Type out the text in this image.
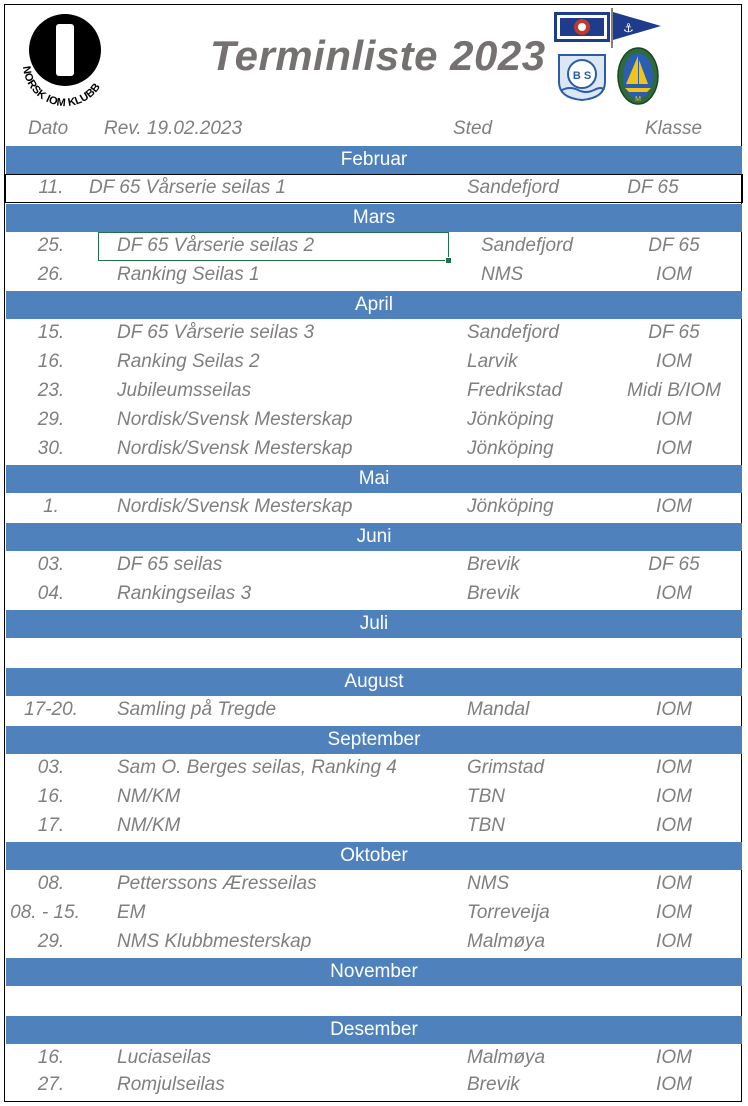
NORSK IOM KLUBB
Terminliste 2023
⚓
B S
M
Dato Rev. 19.02.2023	Sted	Klasse
Februar
11.	DF 65 Vårserie seilas 1	Sandefjord	DF 65
Mars
25.	DF 65 Vårserie seilas 2	Sandefjord	DF 65
26.	Ranking Seilas 1	NMS	IOM
April
15.	DF 65 Vårserie seilas 3	Sandefjord	DF 65
16.	Ranking Seilas 2	Larvik	IOM
23.	Jubileumsseilas	Fredrikstad	Midi B/IOM
29.	Nordisk/Svensk Mesterskap	Jönköping	IOM
30.	Nordisk/Svensk Mesterskap	Jönköping	IOM
Mai
1.	Nordisk/Svensk Mesterskap	Jönköping	IOM
Juni
03.	DF 65 seilas	Brevik	DF 65
04.	Rankingseilas 3	Brevik	IOM
Juli
August
17-20.	Samling på Tregde	Mandal	IOM
September
03.	Sam O. Berges seilas, Ranking 4	Grimstad	IOM
16.	NM/KM	TBN	IOM
17.	NM/KM	TBN	IOM
Oktober
08.	Petterssons Æresseilas	NMS	IOM
08. - 15.	EM	Torreveija	IOM
29.	NMS Klubbmesterskap	Malmøya	IOM
November
Desember
16.	Luciaseilas	Malmøya	IOM
27.	Romjulseilas	Brevik	IOM
